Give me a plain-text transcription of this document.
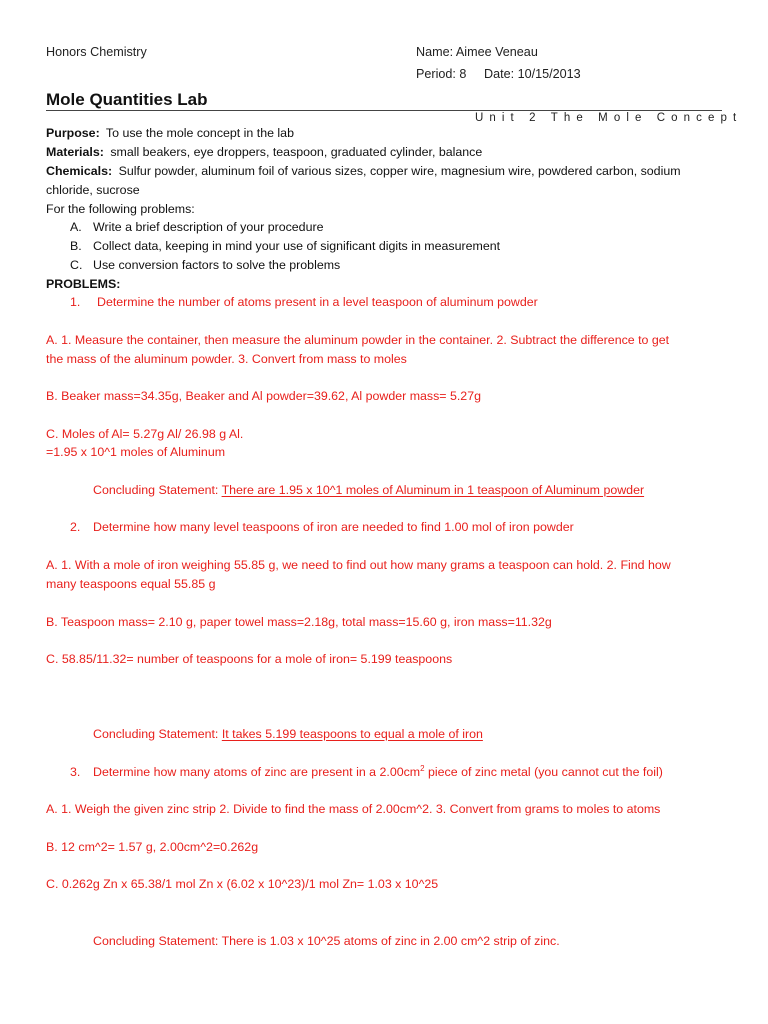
Honors Chemistry	Name: Aimee Veneau
Period: 8 Date: 10/15/2013
Mole Quantities Lab
Unit 2 The Mole Concept
Purpose: To use the mole concept in the lab
Materials: small beakers, eye droppers, teaspoon, graduated cylinder, balance
Chemicals: Sulfur powder, aluminum foil of various sizes, copper wire, magnesium wire, powdered carbon, sodium
chloride, sucrose
For the following problems:
A. Write a brief description of your procedure
B. Collect data, keeping in mind your use of significant digits in measurement
C. Use conversion factors to solve the problems
PROBLEMS:
1. Determine the number of atoms present in a level teaspoon of aluminum powder
A. 1. Measure the container, then measure the aluminum powder in the container. 2. Subtract the difference to get
the mass of the aluminum powder. 3. Convert from mass to moles
B. Beaker mass=34.35g, Beaker and Al powder=39.62, Al powder mass= 5.27g
C. Moles of Al= 5.27g Al/ 26.98 g Al.
=1.95 x 10^1 moles of Aluminum
Concluding Statement: There are 1.95 x 10^1 moles of Aluminum in 1 teaspoon of Aluminum powder
2. Determine how many level teaspoons of iron are needed to find 1.00 mol of iron powder
A. 1. With a mole of iron weighing 55.85 g, we need to find out how many grams a teaspoon can hold. 2. Find how
many teaspoons equal 55.85 g
B. Teaspoon mass= 2.10 g, paper towel mass=2.18g, total mass=15.60 g, iron mass=11.32g
C. 58.85/11.32= number of teaspoons for a mole of iron= 5.199 teaspoons
Concluding Statement: It takes 5.199 teaspoons to equal a mole of iron
3. Determine how many atoms of zinc are present in a $2.00cm^2$ piece of zinc metal (you cannot cut the foil)
A. 1. Weigh the given zinc strip 2. Divide to find the mass of 2.00cm^2. 3. Convert from grams to moles to atoms
B. 12 cm^2= 1.57 g, 2.00cm^2=0.262g
C. 0.262g Zn x 65.38/1 mol Zn x (6.02 x 10^23)/1 mol Zn= 1.03 x 10^25
Concluding Statement: There is 1.03 x 10^25 atoms of zinc in 2.00 cm^2 strip of zinc.
